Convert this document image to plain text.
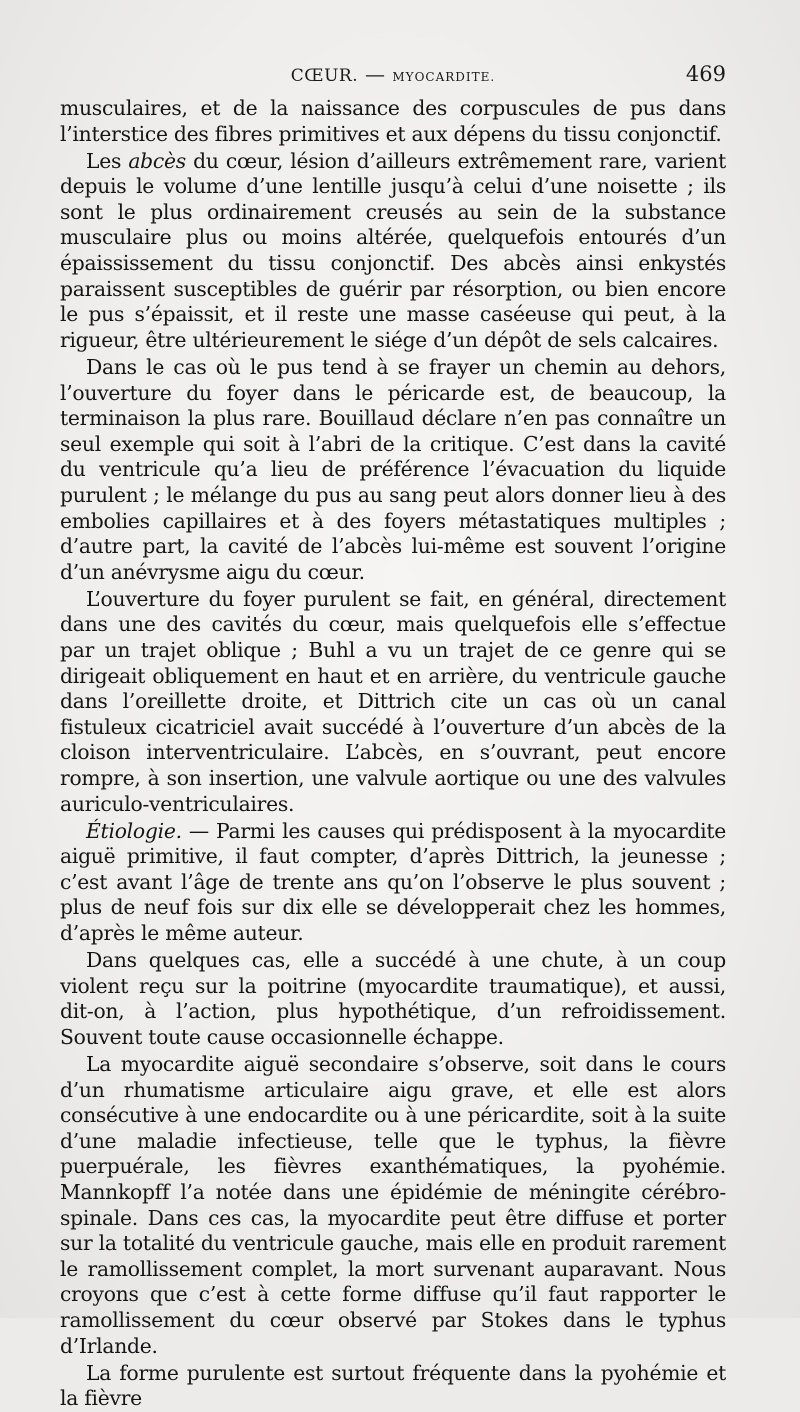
CŒUR. — MYOCARDITE.	469

musculaires, et de la naissance des corpuscules de pus dans l’interstice des fibres primitives et aux dépens du tissu conjonctif.

Les abcès du cœur, lésion d’ailleurs extrêmement rare, varient depuis le volume d’une lentille jusqu’à celui d’une noisette ; ils sont le plus ordinairement creusés au sein de la substance musculaire plus ou moins altérée, quelquefois entourés d’un épaississement du tissu conjonctif. Des abcès ainsi enkystés paraissent susceptibles de guérir par résorption, ou bien encore le pus s’épaissit, et il reste une masse caséeuse qui peut, à la rigueur, être ultérieurement le siége d’un dépôt de sels calcaires.

Dans le cas où le pus tend à se frayer un chemin au dehors, l’ouverture du foyer dans le péricarde est, de beaucoup, la terminaison la plus rare. Bouillaud déclare n’en pas connaître un seul exemple qui soit à l’abri de la critique. C’est dans la cavité du ventricule qu’a lieu de préférence l’évacuation du liquide purulent ; le mélange du pus au sang peut alors donner lieu à des embolies capillaires et à des foyers métastatiques multiples ; d’autre part, la cavité de l’abcès lui-même est souvent l’origine d’un anévrysme aigu du cœur.

L’ouverture du foyer purulent se fait, en général, directement dans une des cavités du cœur, mais quelquefois elle s’effectue par un trajet oblique ; Buhl a vu un trajet de ce genre qui se dirigeait obliquement en haut et en arrière, du ventricule gauche dans l’oreillette droite, et Dittrich cite un cas où un canal fistuleux cicatriciel avait succédé à l’ouverture d’un abcès de la cloison interventriculaire. L’abcès, en s’ouvrant, peut encore rompre, à son insertion, une valvule aortique ou une des valvules auriculo-ventriculaires.

Étiologie. — Parmi les causes qui prédisposent à la myocardite aiguë primitive, il faut compter, d’après Dittrich, la jeunesse ; c’est avant l’âge de trente ans qu’on l’observe le plus souvent ; plus de neuf fois sur dix elle se développerait chez les hommes, d’après le même auteur.

Dans quelques cas, elle a succédé à une chute, à un coup violent reçu sur la poitrine (myocardite traumatique), et aussi, dit-on, à l’action, plus hypothétique, d’un refroidissement. Souvent toute cause occasionnelle échappe.

La myocardite aiguë secondaire s’observe, soit dans le cours d’un rhumatisme articulaire aigu grave, et elle est alors consécutive à une endocardite ou à une péricardite, soit à la suite d’une maladie infectieuse, telle que le typhus, la fièvre puerpuérale, les fièvres exanthématiques, la pyohémie. Mannkopff l’a notée dans une épidémie de méningite cérébro-spinale. Dans ces cas, la myocardite peut être diffuse et porter sur la totalité du ventricule gauche, mais elle en produit rarement le ramollissement complet, la mort survenant auparavant. Nous croyons que c’est à cette forme diffuse qu’il faut rapporter le ramollissement du cœur observé par Stokes dans le typhus d’Irlande.

La forme purulente est surtout fréquente dans la pyohémie et la fièvre
